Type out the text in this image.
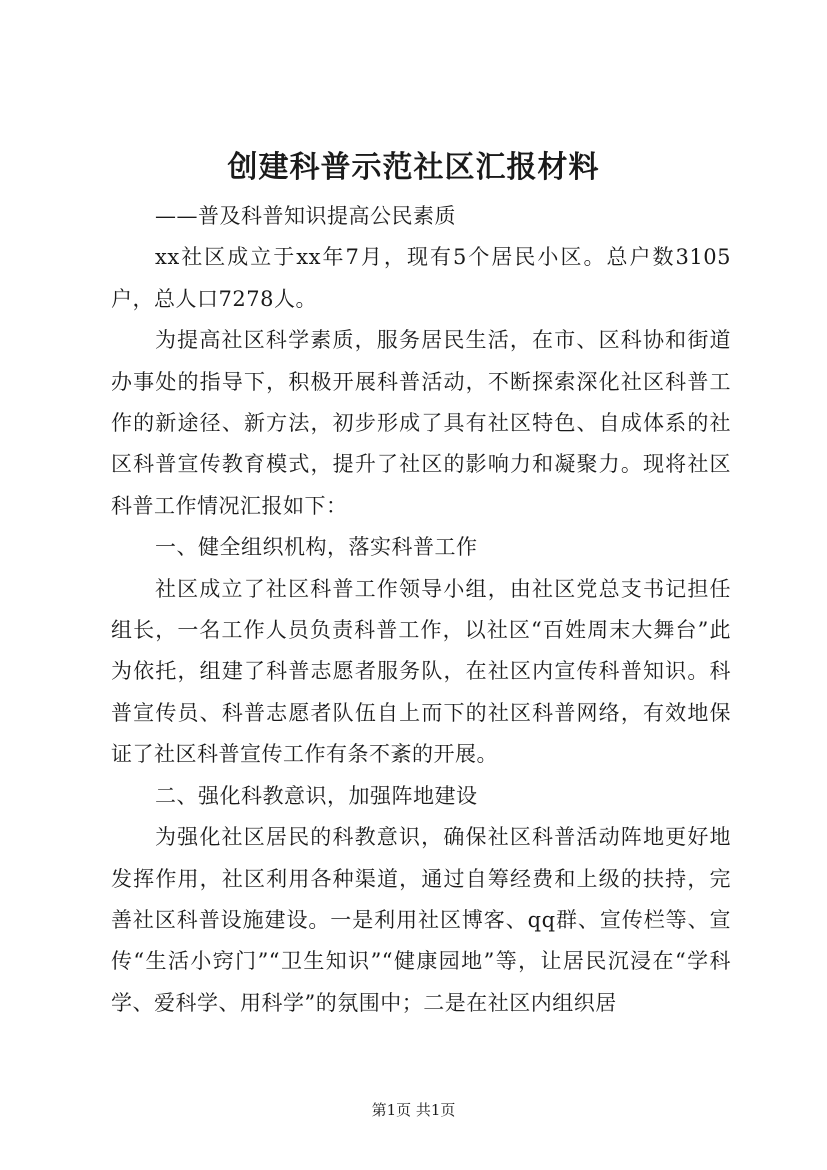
创建科普示范社区汇报材料

——普及科普知识提高公民素质

xx社区成立于xx年7月，现有5个居民小区。总户数3105户，总人口7278人。

为提高社区科学素质，服务居民生活，在市、区科协和街道办事处的指导下，积极开展科普活动，不断探索深化社区科普工作的新途径、新方法，初步形成了具有社区特色、自成体系的社区科普宣传教育模式，提升了社区的影响力和凝聚力。现将社区科普工作情况汇报如下：

一、健全组织机构，落实科普工作

社区成立了社区科普工作领导小组，由社区党总支书记担任组长，一名工作人员负责科普工作，以社区“百姓周末大舞台”此为依托，组建了科普志愿者服务队，在社区内宣传科普知识。科普宣传员、科普志愿者队伍自上而下的社区科普网络，有效地保证了社区科普宣传工作有条不紊的开展。

二、强化科教意识，加强阵地建设

为强化社区居民的科教意识，确保社区科普活动阵地更好地发挥作用，社区利用各种渠道，通过自筹经费和上级的扶持，完善社区科普设施建设。一是利用社区博客、qq群、宣传栏等、宣传“生活小窍门”“卫生知识”“健康园地”等，让居民沉浸在“学科学、爱科学、用科学”的氛围中；二是在社区内组织居

第1页 共1页
